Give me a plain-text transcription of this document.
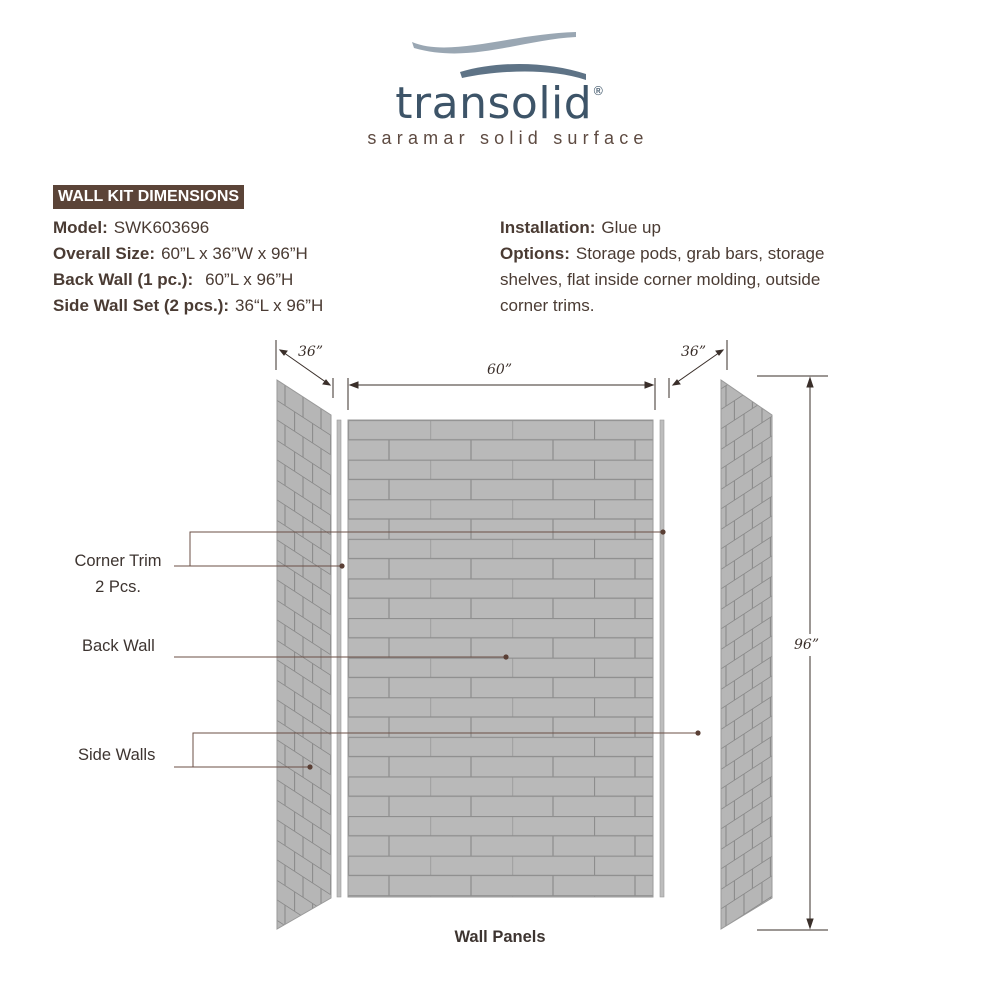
transolid®
saramar solid surface
WALL KIT DIMENSIONS
Model: SWK603696
Overall Size: 60”L x 36”W x 96”H
Back Wall (1 pc.): 60”L x 96”H
Side Wall Set (2 pcs.): 36“L x 96”H
Installation: Glue up
Options: Storage pods, grab bars, storage
shelves, flat inside corner molding, outside
corner trims.
36”
60”
36”
96”
Corner Trim
2 Pcs.
Back Wall
Side Walls
Wall Panels
